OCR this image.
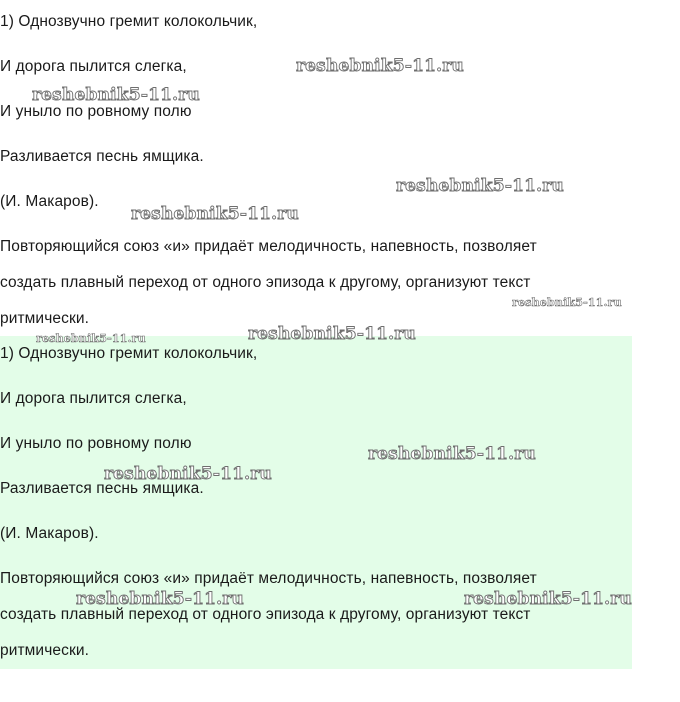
1) Однозвучно гремит колокольчик,
И дорога пылится слегка,
И уныло по ровному полю
Разливается песнь ямщика.
(И. Макаров).
Повторяющийся союз «и» придаёт мелодичность, напевность, позволяет
создать плавный переход от одного эпизода к другому, организуют текст
ритмически.
1) Однозвучно гремит колокольчик,
И дорога пылится слегка,
И уныло по ровному полю
Разливается песнь ямщика.
(И. Макаров).
Повторяющийся союз «и» придаёт мелодичность, напевность, позволяет
создать плавный переход от одного эпизода к другому, организуют текст
ритмически.
reshebnik5-11.ru
reshebnik5-11.ru
reshebnik5-11.ru
reshebnik5-11.ru
reshebnik5-11.ru
reshebnik5-11.ru
reshebnik5-11.ru
reshebnik5-11.ru
reshebnik5-11.ru
reshebnik5-11.ru	reshebnik5-11.ru
